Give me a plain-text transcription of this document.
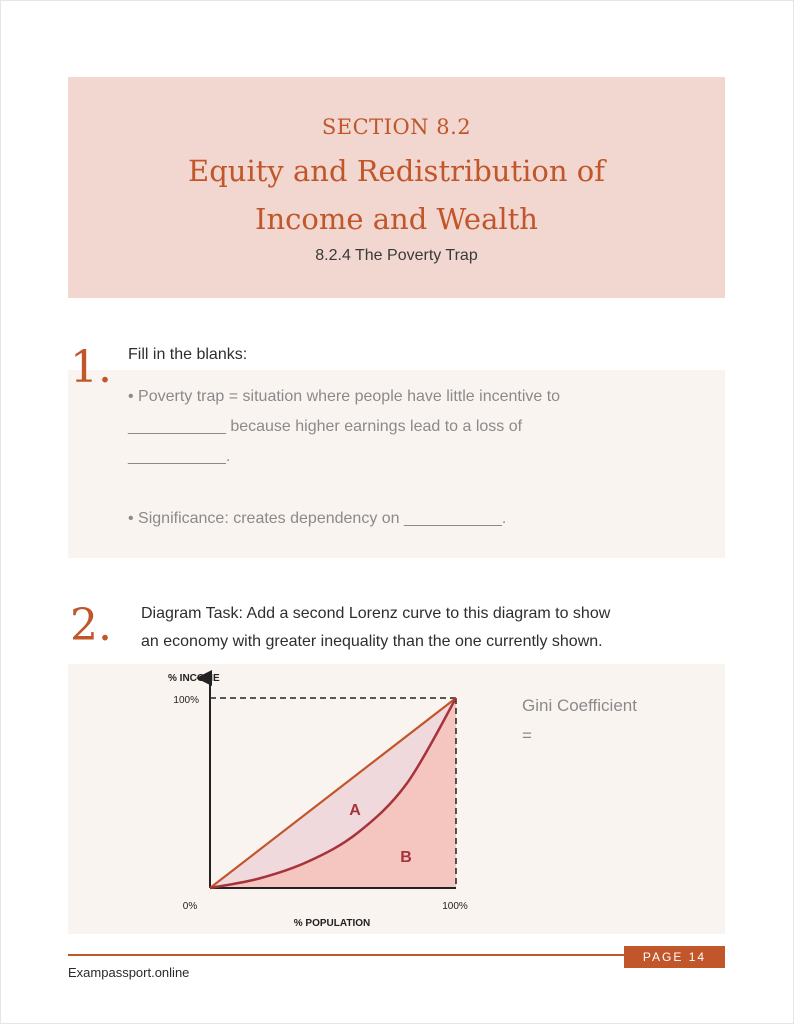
SECTION 8.2
Equity and Redistribution of
Income and Wealth
8.2.4 The Poverty Trap
1. Fill in the blanks:
• Poverty trap = situation where people have little incentive to
___________ because higher earnings lead to a loss of
___________.
• Significance: creates dependency on ___________.
2. Diagram Task: Add a second Lorenz curve to this diagram to show
an economy with greater inequality than the one currently shown.
% INCOME
100%
0%	100%
% POPULATION
A
B
Gini Coefficient
=
PAGE 14
Exampassport.online
